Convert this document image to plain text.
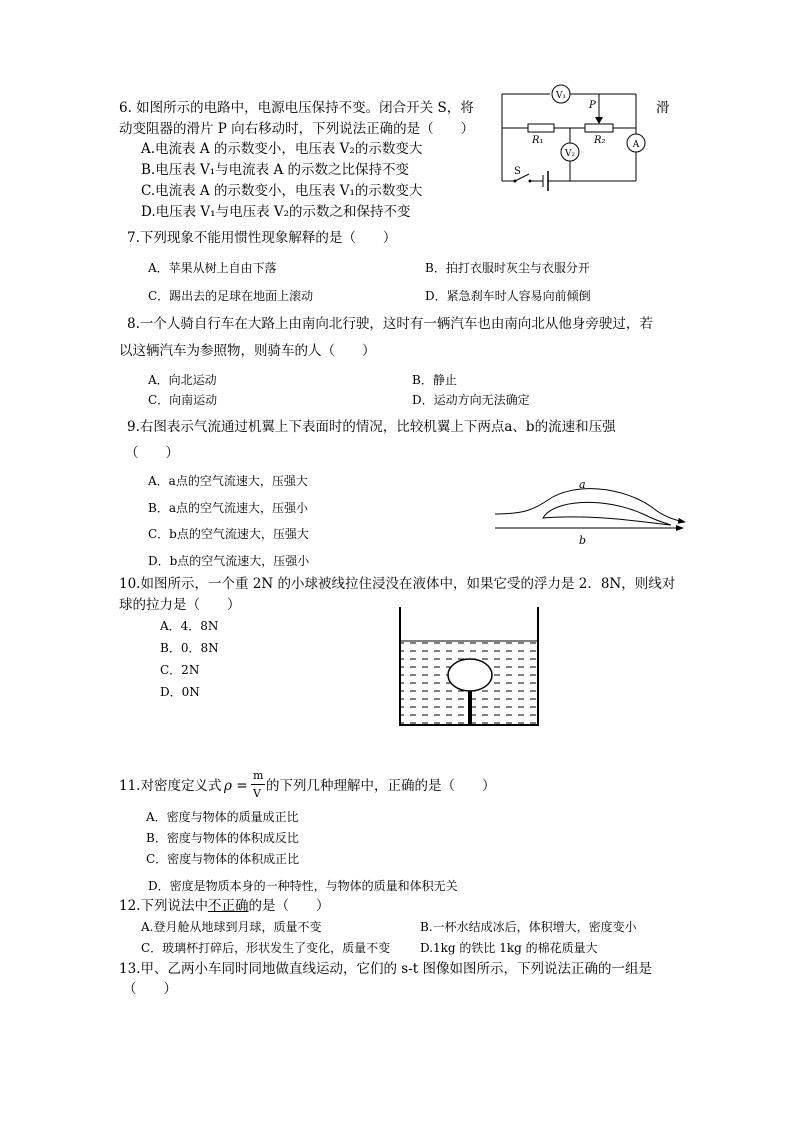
6. 如图所示的电路中，电源电压保持不变。闭合开关 S，将	滑
动变阻器的滑片 P 向右移动时，下列说法正确的是（　　）
A.电流表 A 的示数变小，电压表 V₂的示数变大
B.电压表 V₁与电流表 A 的示数之比保持不变
C.电流表 A 的示数变小，电压表 V₁的示数变大
D.电压表 V₁与电压表 V₂的示数之和保持不变
V₁
A
R₁	R₂
P
V₂
S
7.下列现象不能用惯性现象解释的是（　　）
A．苹果从树上自由下落	B．拍打衣服时灰尘与衣服分开
C．踢出去的足球在地面上滚动	D．紧急刹车时人容易向前倾倒
8.一个人骑自行车在大路上由南向北行驶，这时有一辆汽车也由南向北从他身旁驶过，若
以这辆汽车为参照物，则骑车的人（　　）
A．向北运动	B．静止
C．向南运动	D．运动方向无法确定
9.右图表示气流通过机翼上下表面时的情况，比较机翼上下两点a、b的流速和压强
（　　）
A．a点的空气流速大，压强大
B．a点的空气流速大，压强小
C．b点的空气流速大，压强大
D．b点的空气流速大，压强小
a
b
10.如图所示，一个重 2N 的小球被线拉住浸没在液体中，如果它受的浮力是 2．8N，则线对
球的拉力是（　　）
A．4．8N
B．0．8N
C．2N
D．0N
11.对密度定义式 ρ =
m
V 的下列几种理解中，正确的是（　　）
A．密度与物体的质量成正比
B．密度与物体的体积成反比
C．密度与物体的体积成正比
D．密度是物质本身的一种特性，与物体的质量和体积无关
12.下列说法中不正确的是（　　）
A.登月舱从地球到月球，质量不变	B.一杯水结成冰后，体积增大，密度变小
C．玻璃杯打碎后，形状发生了变化，质量不变 D.1kg 的铁比 1kg 的棉花质量大
13.甲、乙两小车同时同地做直线运动，它们的 s-t 图像如图所示，下列说法正确的一组是
（　　）
